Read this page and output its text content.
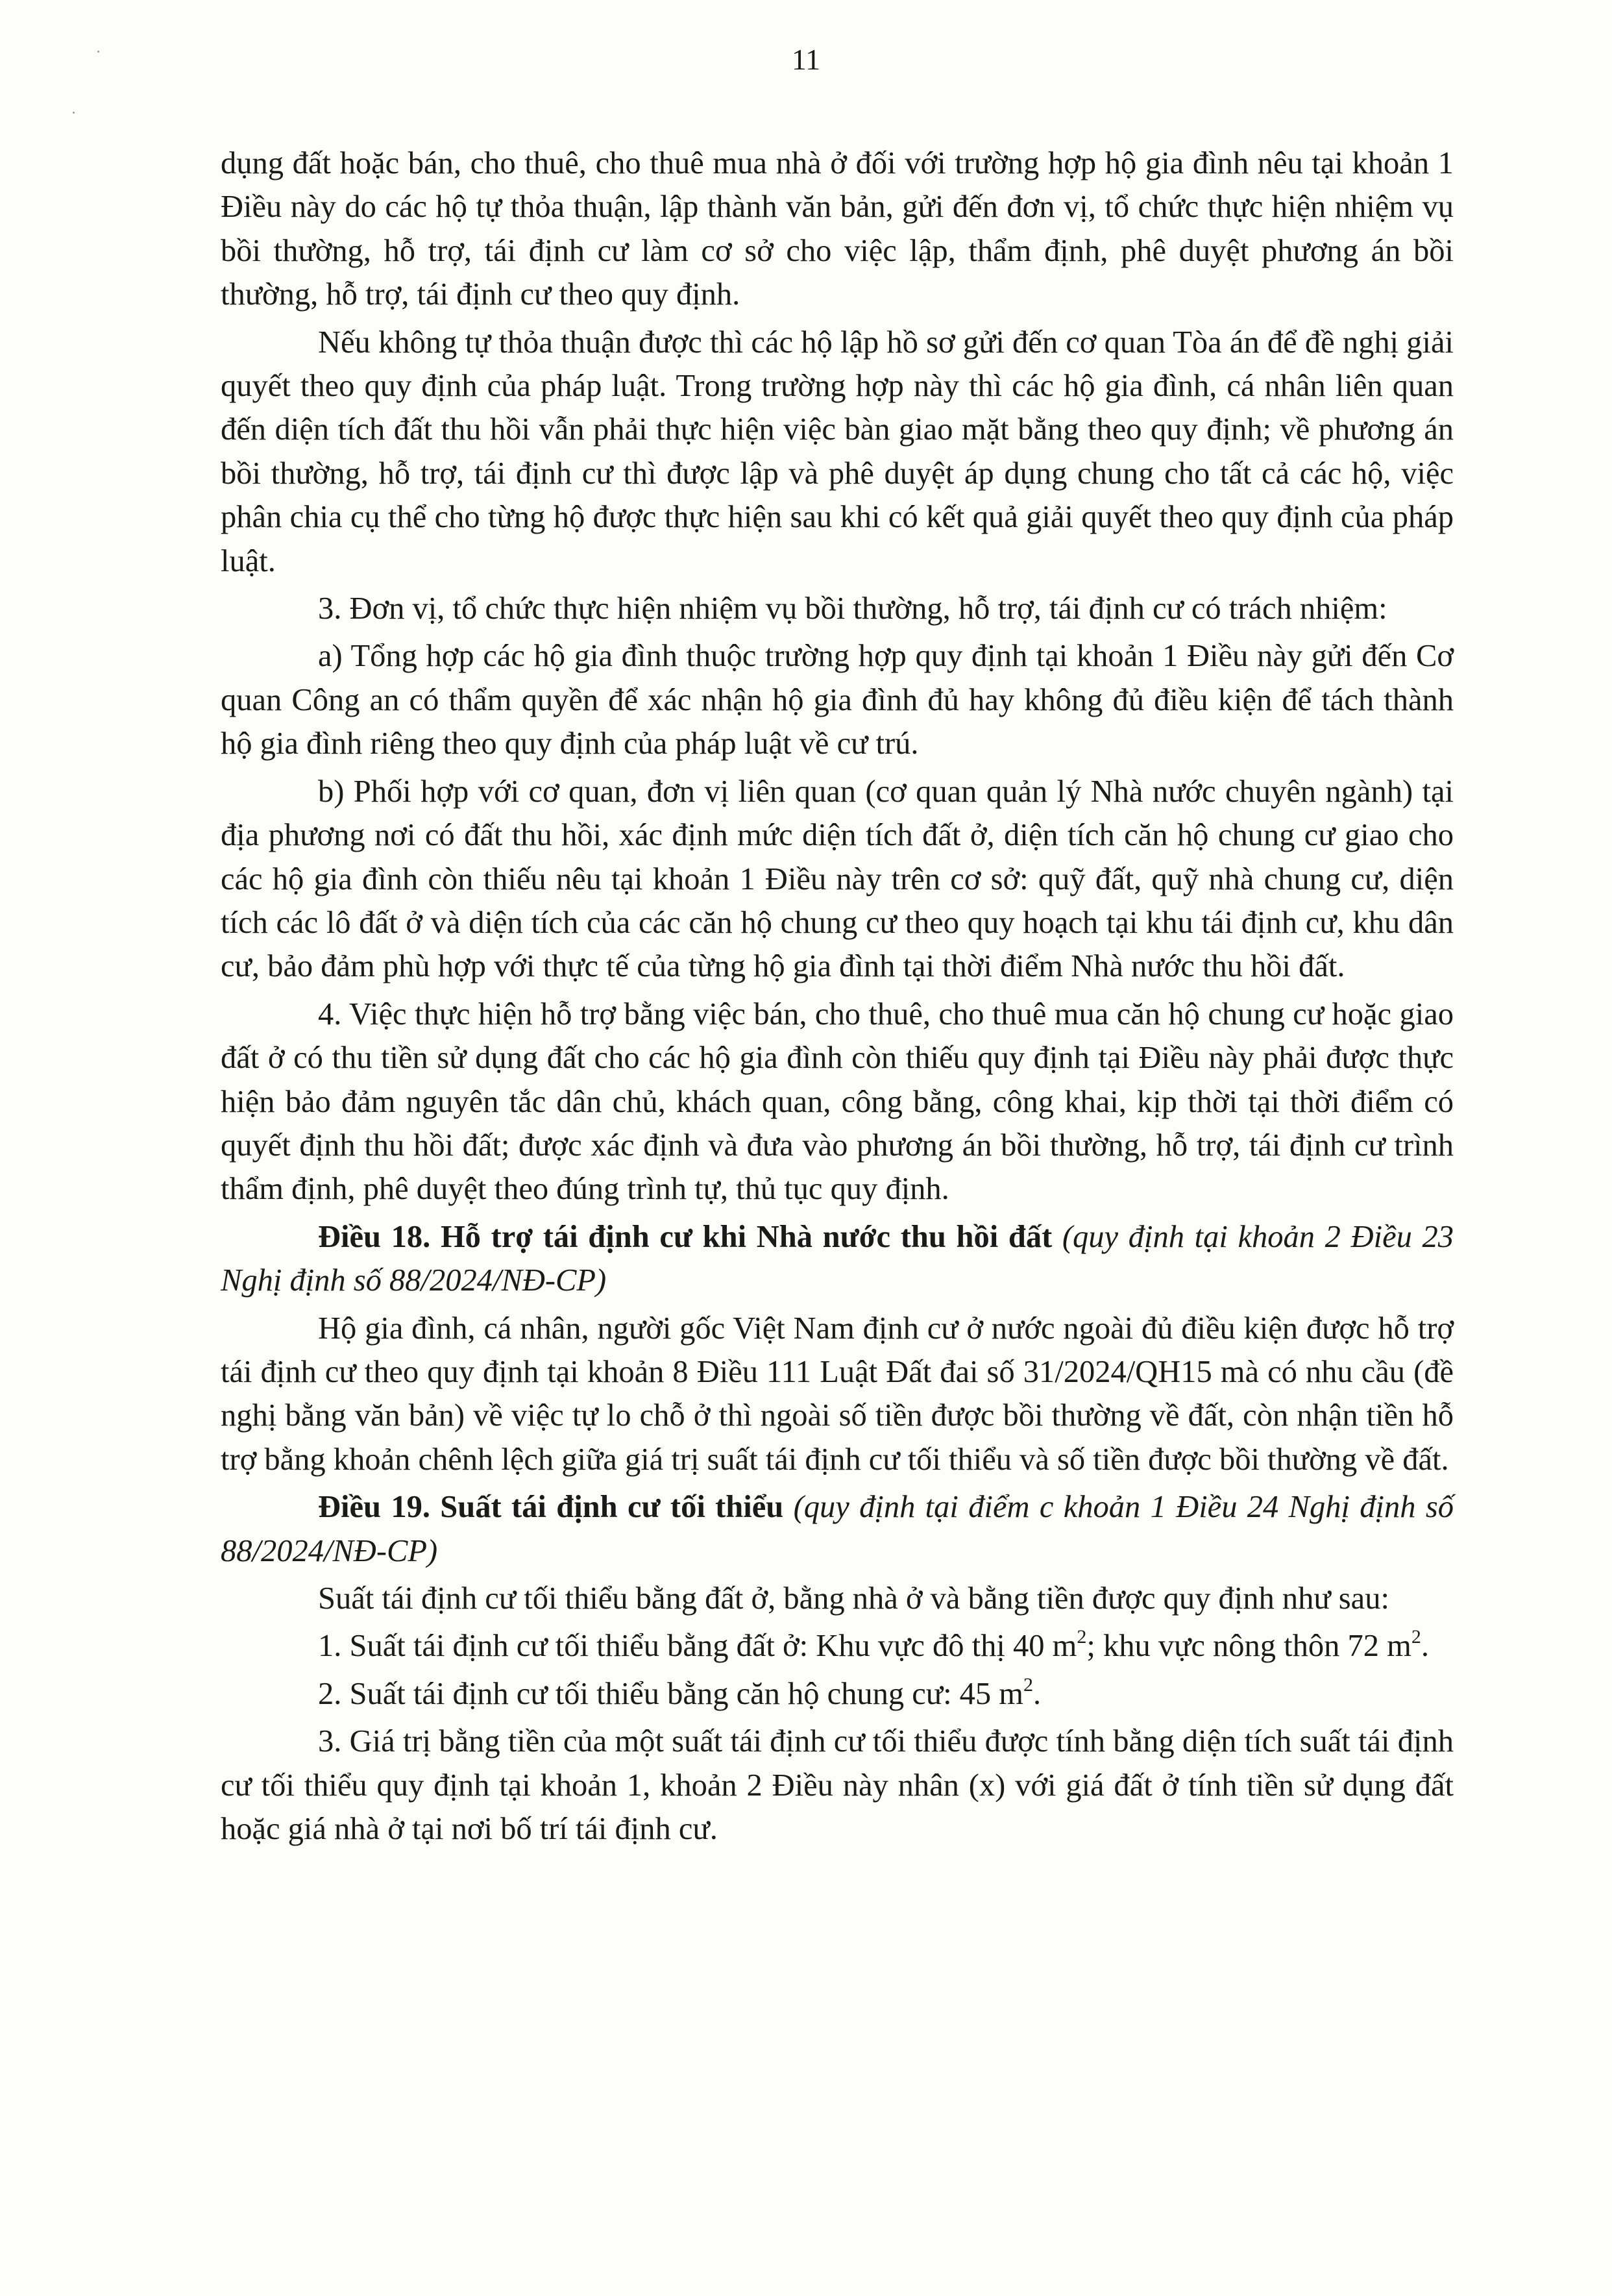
11

dụng đất hoặc bán, cho thuê, cho thuê mua nhà ở đối với trường hợp hộ gia đình nêu tại khoản 1 Điều này do các hộ tự thỏa thuận, lập thành văn bản, gửi đến đơn vị, tổ chức thực hiện nhiệm vụ bồi thường, hỗ trợ, tái định cư làm cơ sở cho việc lập, thẩm định, phê duyệt phương án bồi thường, hỗ trợ, tái định cư theo quy định.

Nếu không tự thỏa thuận được thì các hộ lập hồ sơ gửi đến cơ quan Tòa án để đề nghị giải quyết theo quy định của pháp luật. Trong trường hợp này thì các hộ gia đình, cá nhân liên quan đến diện tích đất thu hồi vẫn phải thực hiện việc bàn giao mặt bằng theo quy định; về phương án bồi thường, hỗ trợ, tái định cư thì được lập và phê duyệt áp dụng chung cho tất cả các hộ, việc phân chia cụ thể cho từng hộ được thực hiện sau khi có kết quả giải quyết theo quy định của pháp luật.

3. Đơn vị, tổ chức thực hiện nhiệm vụ bồi thường, hỗ trợ, tái định cư có trách nhiệm:

a) Tổng hợp các hộ gia đình thuộc trường hợp quy định tại khoản 1 Điều này gửi đến Cơ quan Công an có thẩm quyền để xác nhận hộ gia đình đủ hay không đủ điều kiện để tách thành hộ gia đình riêng theo quy định của pháp luật về cư trú.

b) Phối hợp với cơ quan, đơn vị liên quan (cơ quan quản lý Nhà nước chuyên ngành) tại địa phương nơi có đất thu hồi, xác định mức diện tích đất ở, diện tích căn hộ chung cư giao cho các hộ gia đình còn thiếu nêu tại khoản 1 Điều này trên cơ sở: quỹ đất, quỹ nhà chung cư, diện tích các lô đất ở và diện tích của các căn hộ chung cư theo quy hoạch tại khu tái định cư, khu dân cư, bảo đảm phù hợp với thực tế của từng hộ gia đình tại thời điểm Nhà nước thu hồi đất.

4. Việc thực hiện hỗ trợ bằng việc bán, cho thuê, cho thuê mua căn hộ chung cư hoặc giao đất ở có thu tiền sử dụng đất cho các hộ gia đình còn thiếu quy định tại Điều này phải được thực hiện bảo đảm nguyên tắc dân chủ, khách quan, công bằng, công khai, kịp thời tại thời điểm có quyết định thu hồi đất; được xác định và đưa vào phương án bồi thường, hỗ trợ, tái định cư trình thẩm định, phê duyệt theo đúng trình tự, thủ tục quy định.

Điều 18. Hỗ trợ tái định cư khi Nhà nước thu hồi đất (quy định tại khoản 2 Điều 23 Nghị định số 88/2024/NĐ-CP)

Hộ gia đình, cá nhân, người gốc Việt Nam định cư ở nước ngoài đủ điều kiện được hỗ trợ tái định cư theo quy định tại khoản 8 Điều 111 Luật Đất đai số 31/2024/QH15 mà có nhu cầu (đề nghị bằng văn bản) về việc tự lo chỗ ở thì ngoài số tiền được bồi thường về đất, còn nhận tiền hỗ trợ bằng khoản chênh lệch giữa giá trị suất tái định cư tối thiểu và số tiền được bồi thường về đất.

Điều 19. Suất tái định cư tối thiểu (quy định tại điểm c khoản 1 Điều 24 Nghị định số 88/2024/NĐ-CP)

Suất tái định cư tối thiểu bằng đất ở, bằng nhà ở và bằng tiền được quy định như sau:

1. Suất tái định cư tối thiểu bằng đất ở: Khu vực đô thị 40 $m^2$; khu vực nông thôn 72 $m^2$.

2. Suất tái định cư tối thiểu bằng căn hộ chung cư: 45 $m^2$.

3. Giá trị bằng tiền của một suất tái định cư tối thiểu được tính bằng diện tích suất tái định cư tối thiểu quy định tại khoản 1, khoản 2 Điều này nhân (x) với giá đất ở tính tiền sử dụng đất hoặc giá nhà ở tại nơi bố trí tái định cư.
